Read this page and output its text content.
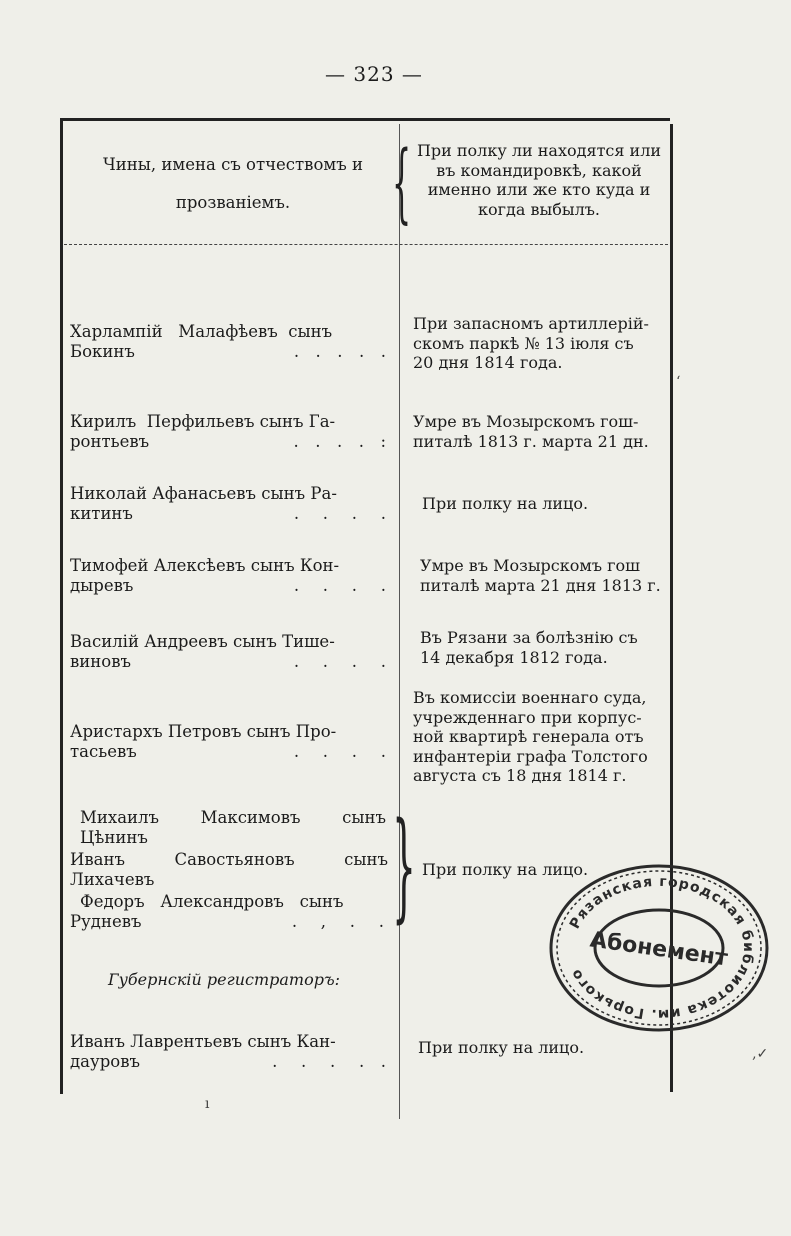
— 323 —
Чины, имена съ отчествомъ и
прозваніемъ.	{ При полку ли находятся или
въ командировкѣ, какой
именно или же кто куда и
когда выбылъ.
Харлампій   Малафѣевъ  сынъ
Бокинъ	.  .  .  .  .
При запасномъ артиллерій-
скомъ паркѣ № 13 іюля съ
20 дня 1814 года.
Кирилъ  Перфильевъ сынъ Га-
ронтьевъ	.  .  .  .  :
Умре въ Мозырскомъ гош-
питалѣ 1813 г. марта 21 дн.
Николай Афанасьевъ сынъ Ра-
китинъ	.   .   .   .
При полку на лицо.
Тимофей Алексѣевъ сынъ Кон-
дыревъ	.   .   .   .
Умре въ Мозырскомъ гош
питалѣ марта 21 дня 1813 г.
Василій Андреевъ сынъ Тише-
виновъ	.   .   .   .
Въ Рязани за болѣзнію съ
14 декабря 1812 года.
Аристархъ Петровъ сынъ Про-
тасьевъ	.   .   .   .
Въ комиссіи военнаго суда,
учрежденнаго при корпус-
ной квартирѣ генерала отъ
инфантеріи графа Толстого
августа съ 18 дня 1814 г.
Михаилъ Максимовъ сынъ Цѣнинъ
Иванъ Савостьяновъ сынъ Лихачевъ
Федоръ   Александровъ   сынъ
Рудневъ	.   ,   .   . } При полку на лицо.
Губернскій регистраторъ:
Иванъ Лаврентьевъ сынъ Кан-
дауровъ	.   .   .   .  .
При полку на лицо.
Рязанская городская библиотека им. Горького
Абонемент
‚✓
ı
‘
